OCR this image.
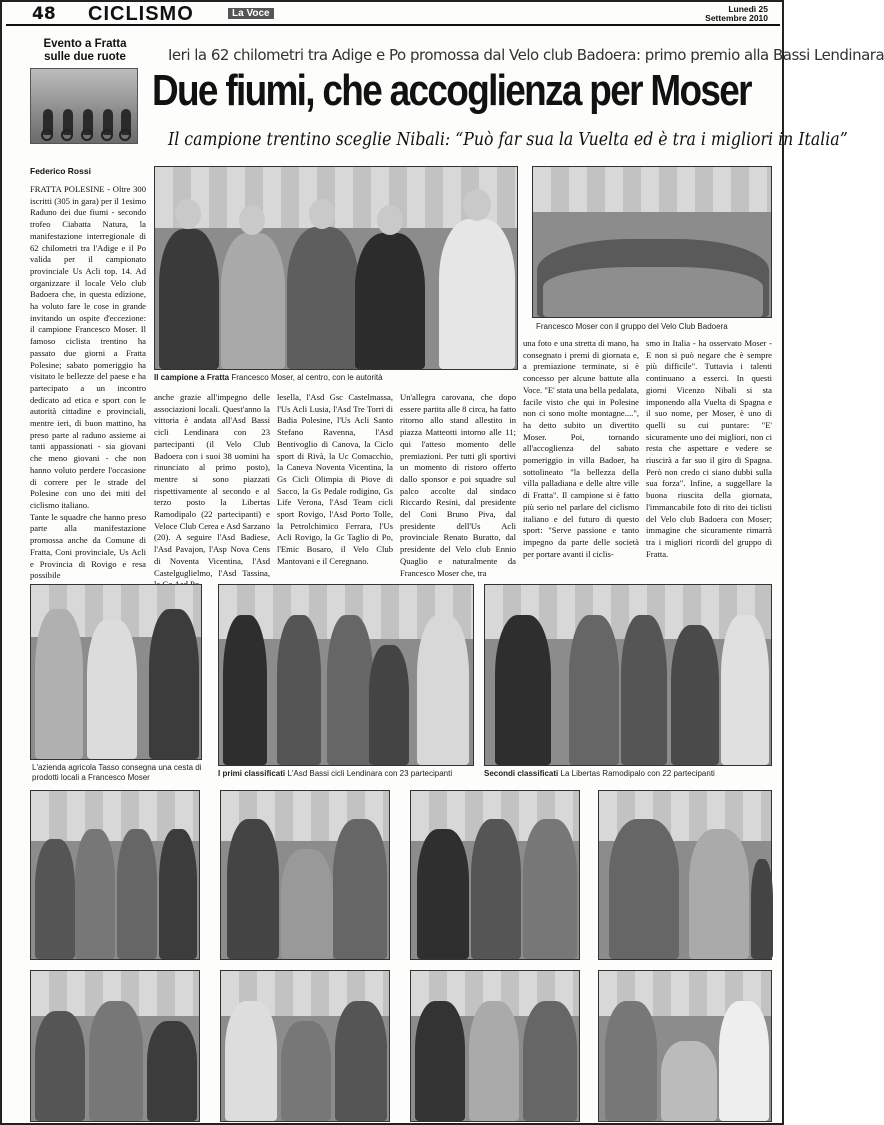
48 CICLISMO	La Voce	Lunedì 25
Settembre 2010
Evento a Fratta sulle due ruote	Ieri la 62 chilometri tra Adige e Po promossa dal Velo club Badoera: primo premio alla Bassi Lendinara
Due fiumi, che accoglienza per Moser
Il campione trentino sceglie Nibali: “Può far sua la Vuelta ed è tra i migliori in Italia”
Federico Rossi

FRATTA POLESINE - Oltre 300 iscritti (305 in gara) per il 1esimo Raduno dei due fiumi - secondo trofeo Ciabatta Natura, la manifestazione interregionale di 62 chilometri tra l'Adige e il Po valida per il campionato provinciale Us Acli top. 14. Ad organizzare il locale Velo club Badoera che, in questa edizione, ha voluto fare le cose in grande invitando un ospite d'eccezione: il campione Francesco Moser. Il famoso ciclista trentino ha passato due giorni a Fratta Polesine; sabato pomeriggio ha visitato le bellezze del paese e ha partecipato a un incontro dedicato ad etica e sport con le autorità cittadine e provinciali, mentre ieri, di buon mattino, ha preso parte al raduno assieme ai tanti appassionati - sia giovani che meno giovani - che non hanno voluto perdere l'occasione di correre per le strade del Polesine con uno dei miti del ciclismo italiano.

Tante le squadre che hanno preso parte alla manifestazione promossa anche da Comune di Fratta, Coni provinciale, Us Acli e Provincia di Rovigo e resa possibile

Il campione a Fratta Francesco Moser, al centro, con le autorità
Francesco Moser con il gruppo del Velo Club Badoera
anche grazie all'impegno delle associazioni locali. Quest'anno la vittoria è andata all'Asd Bassi cicli Lendinara con 23 partecipanti (il Velo Club Badoera con i suoi 38 uomini ha rinunciato al primo posto), mentre si sono piazzati rispettivamente al secondo e al terzo posto la Libertas Ramodipalo (22 partecipanti) e Veloce Club Cerea e Asd Sarzano (20). A seguire l'Asd Badiese, l'Asd Pavajon, l'Asp Nova Cens di Noventa Vicentina, l'Asd Castelguglielmo, l'Asd Tassina,
lesella, l'Asd Gsc Castelmassa, l'Us Acli Lusia, l'Asd Tre Torri di Badia Polesine, l'Us Acli Santo Stefano Ravenna, l'Asd Bentivoglio di Canova, la Ciclo sport di Rivà, la Uc Comacchio, la Caneva Noventa Vicentina, la Gs Cicli Olimpia di Piove di Sacco, la Gs Pedale rodigino, Gs Life Verona, l'Asd Team cicli sport Rovigo, l'Asd Porto Tolle, la Petrolchimico Ferrara, l'Us Acli Rovigo, la Gc Taglio di Po, l'Emic Bosaro, il Velo Club Mantovani e il Ceregnano.
Un'allegra carovana, che dopo essere partita alle 8 circa, ha fatto ritorno allo stand allestito in piazza Matteotti intorno alle 11; qui l'atteso momento delle premiazioni. Per tutti gli sportivi un momento di ristoro offerto dallo sponsor e poi squadre sul palco accolte dal sindaco Riccardo Resini, dal presidente del Coni Bruno Piva, dal presidente dell'Us Acli provinciale Renato Buratto, dal presidente del Velo club Ennio Quaglio e naturalmente da Francesco Moser che, tra
una foto e una stretta di mano, ha consegnato i premi di giornata e, a premiazione terminate, si è concesso per alcune battute alla Voce. "E' stata una bella pedalata, facile visto che qui in Polesine non ci sono molte montagne....", ha detto subito un divertito Moser. Poi, tornando all'accoglienza del sabato pomeriggio in villa Badoer, ha sottolineato "la bellezza della villa palladiana e delle altre ville di Fratta". Il campione si è fatto più serio nel parlare del ciclismo italiano e del futuro di questo sport: "Serve passione e tanto impegno da parte delle società per portare avanti il ciclis-
smo in Italia - ha osservato Moser - E non si può negare che è sempre più difficile". Tuttavia i talenti continuano a esserci. In questi giorni Vicenzo Nibali si sta imponendo alla Vuelta di Spagna e il suo nome, per Moser, è uno di quelli su cui puntare: "E' sicuramente uno dei migliori, non ci resta che aspettare e vedere se riuscirà a far suo il giro di Spagna. Però non credo ci siano dubbi sulla sua forza". Infine, a suggellare la buona riuscita della giornata, l'immancabile foto di rito dei ticlisti del Velo club Badoera con Moser; immagine che sicuramente rimarrà tra i migliori ricordi del gruppo di Fratta.
L'azienda agricola Tasso consegna una cesta di prodotti locali a Francesco Moser	I primi classificati L'Asd Bassi cicli Lendinara con 23 partecipanti	Secondi classificati La Libertas Ramodipalo con 22 partecipanti
